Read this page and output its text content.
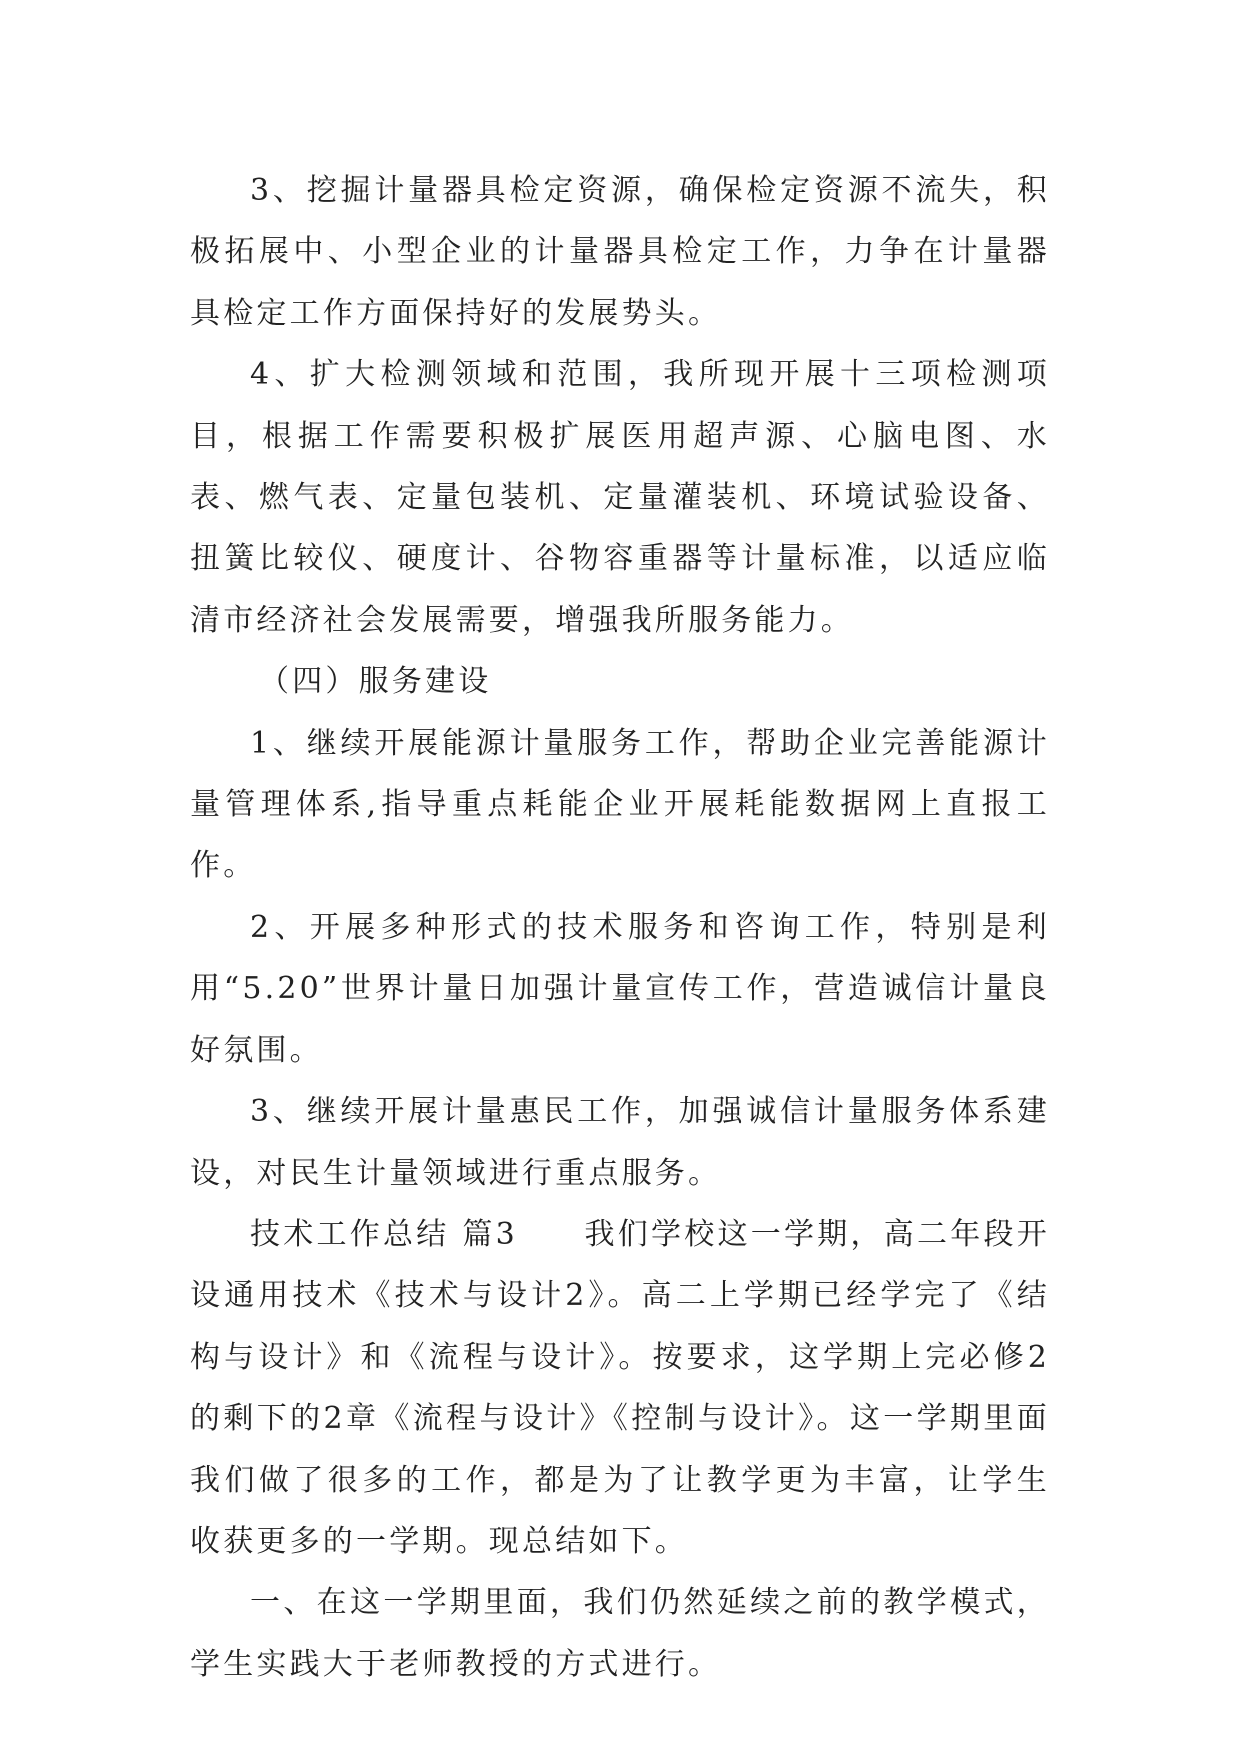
3、挖掘计量器具检定资源，确保检定资源不流失，积极拓展中、小型企业的计量器具检定工作，力争在计量器具检定工作方面保持好的发展势头。

4、扩大检测领域和范围，我所现开展十三项检测项目，根据工作需要积极扩展医用超声源、心脑电图、水表、燃气表、定量包装机、定量灌装机、环境试验设备、扭簧比较仪、硬度计、谷物容重器等计量标准，以适应临清市经济社会发展需要，增强我所服务能力。

（四）服务建设

1、继续开展能源计量服务工作，帮助企业完善能源计量管理体系,指导重点耗能企业开展耗能数据网上直报工作。

2、开展多种形式的技术服务和咨询工作，特别是利用“5.20”世界计量日加强计量宣传工作，营造诚信计量良好氛围。

3、继续开展计量惠民工作，加强诚信计量服务体系建设，对民生计量领域进行重点服务。

技术工作总结 篇3　　我们学校这一学期，高二年段开设通用技术《技术与设计2》。高二上学期已经学完了《结构与设计》和《流程与设计》。按要求，这学期上完必修2的剩下的2章《流程与设计》《控制与设计》。这一学期里面我们做了很多的工作，都是为了让教学更为丰富，让学生收获更多的一学期。现总结如下。

一、在这一学期里面，我们仍然延续之前的教学模式，学生实践大于老师教授的方式进行。
